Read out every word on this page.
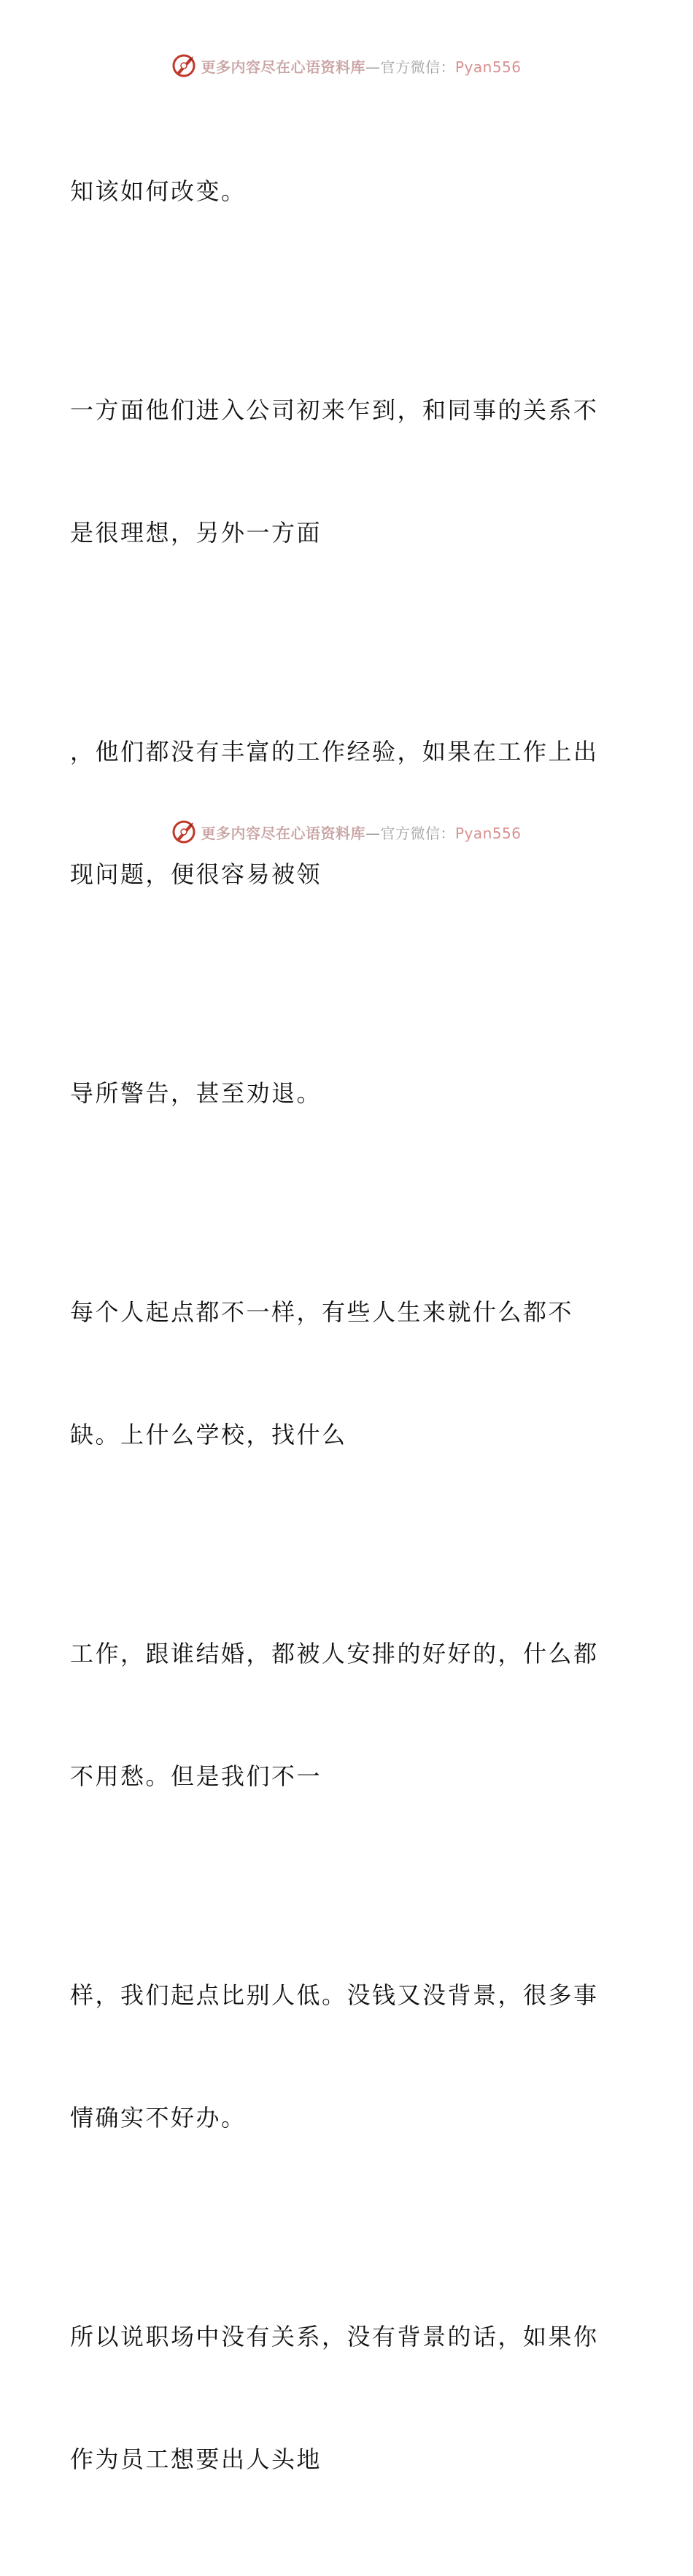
更多内容尽在心语资料库—官方微信：Pyan556

知该如何改变。

一方面他们进入公司初来乍到，和同事的关系不

是很理想，另外一方面

，他们都没有丰富的工作经验，如果在工作上出

现问题，便很容易被领

导所警告，甚至劝退。

每个人起点都不一样，有些人生来就什么都不

缺。上什么学校，找什么

工作，跟谁结婚，都被人安排的好好的，什么都

不用愁。但是我们不一

样，我们起点比别人低。没钱又没背景，很多事

情确实不好办。

所以说职场中没有关系，没有背景的话，如果你

作为员工想要出人头地

更多内容尽在心语资料库—官方微信：Pyan556
